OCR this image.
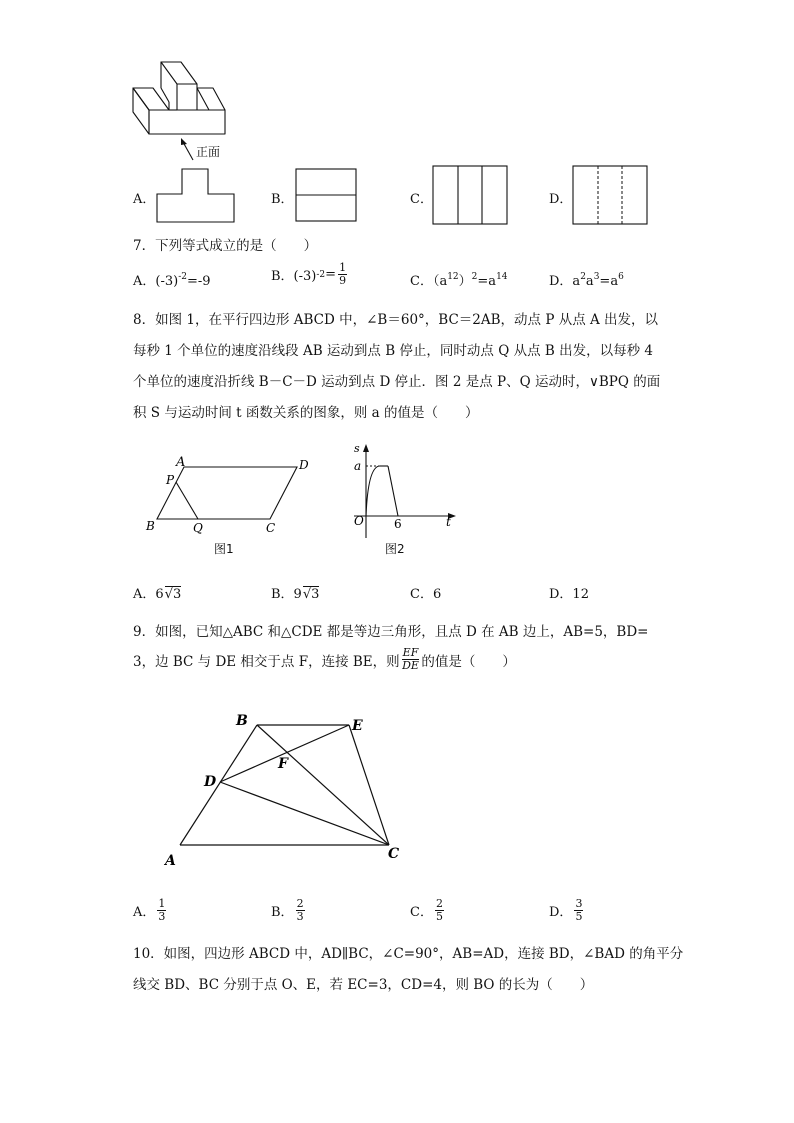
正面
A．	B．	C．	D．
7．下列等式成立的是（　　）
A．$(-3)^{-2}=-9$	B．(-3) $-2 = \frac{1}{9}$	C．$(a^{12})^2=a^{14}$	D．$a^2a^3=a^6$
8．如图 1，在平行四边形 ABCD 中，∠B＝60°，BC＝2AB，动点 P 从点 A 出发，以
每秒 1 个单位的速度沿线段 AB 运动到点 B 停止，同时动点 Q 从点 B 出发，以每秒 4
个单位的速度沿折线 B－C－D 运动到点 D 停止．图 2 是点 P、Q 运动时，∨BPQ 的面
积 S 与运动时间 t 函数关系的图象，则 a 的值是（　　）
A	D
P
B	Q	C
图1
s
a
O	6	t
图2
A．6√3	B．9√3	C．6	D．12
9．如图，已知△ABC 和△CDE 都是等边三角形，且点 D 在 AB 边上，AB=5，BD=
3，边 BC 与 DE 相交于点 F，连接 BE，则 $\frac{EF}{DE}$ 的值是（　　）
B	E
F
D
A	C
A． $\frac{1}{3}$	B． $\frac{2}{3}$	C． $\frac{2}{5}$	D． $\frac{3}{5}$
10．如图，四边形 ABCD 中，AD∥BC，∠C=90°，AB=AD，连接 BD，∠BAD 的角平分
线交 BD、BC 分别于点 O、E，若 EC=3，CD=4，则 BO 的长为（　　）
